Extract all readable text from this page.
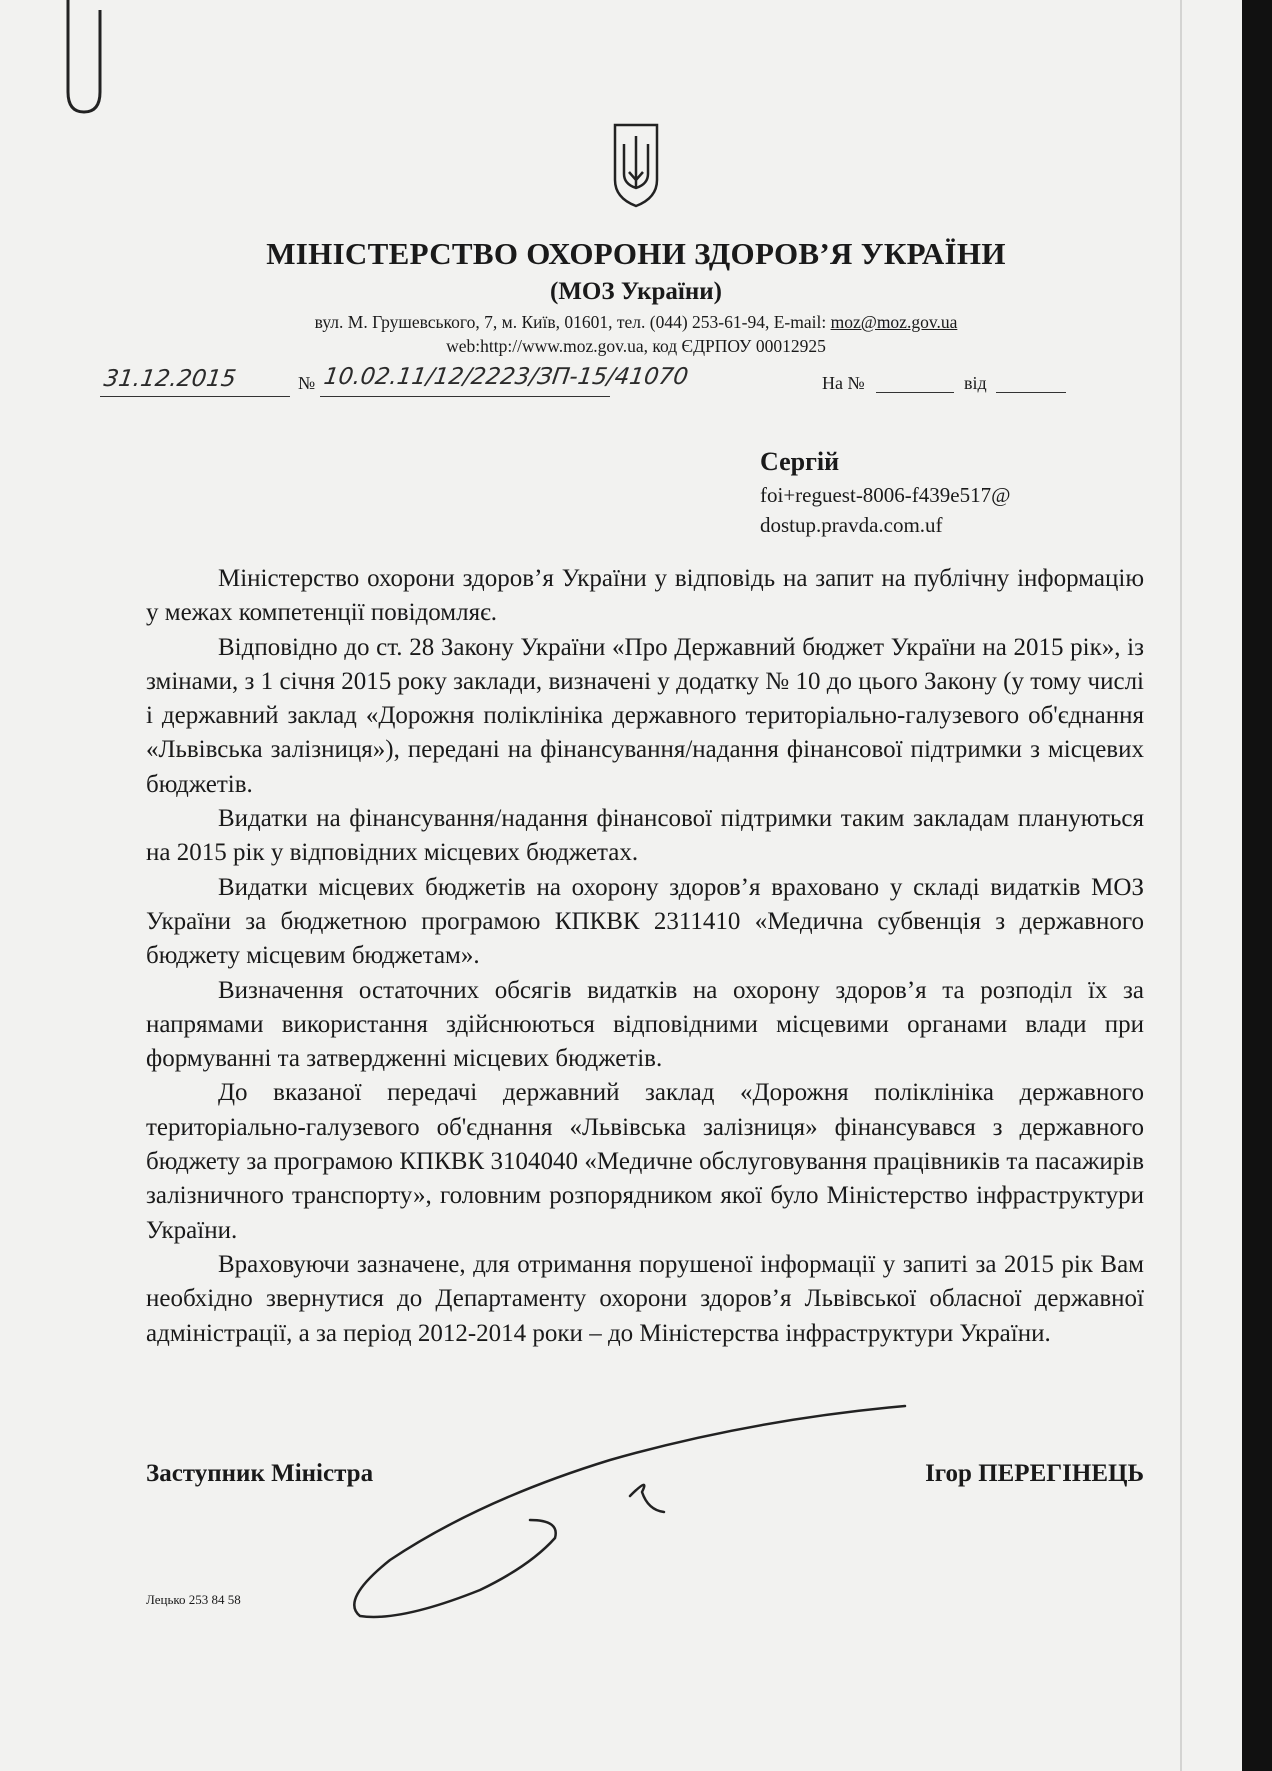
МІНІСТЕРСТВО ОХОРОНИ ЗДОРОВ’Я УКРАЇНИ
(МОЗ України)
вул. М. Грушевського, 7, м. Київ, 01601, тел. (044) 253-61-94, E-mail: moz@moz.gov.ua
web:http://www.moz.gov.ua, код ЄДРПОУ 00012925
31.12.2015	№ 10.02.11/12/2223/ЗП-15/41070	На №	від
Сергій
foi+reguest-8006-f439e517@
dostup.pravda.com.uf

Міністерство охорони здоров’я України у відповідь на запит на публічну інформацію у межах компетенції повідомляє.

Відповідно до ст. 28 Закону України «Про Державний бюджет України на 2015 рік», із змінами, з 1 січня 2015 року заклади, визначені у додатку № 10 до цього Закону (у тому числі і державний заклад «Дорожня поліклініка державного територіально-галузевого об'єднання «Львівська залізниця»), передані на фінансування/надання фінансової підтримки з місцевих бюджетів.

Видатки на фінансування/надання фінансової підтримки таким закладам плануються на 2015 рік у відповідних місцевих бюджетах.

Видатки місцевих бюджетів на охорону здоров’я враховано у складі видатків МОЗ України за бюджетною програмою КПКВК 2311410 «Медична субвенція з державного бюджету місцевим бюджетам».

Визначення остаточних обсягів видатків на охорону здоров’я та розподіл їх за напрямами використання здійснюються відповідними місцевими органами влади при формуванні та затвердженні місцевих бюджетів.

До вказаної передачі державний заклад «Дорожня поліклініка державного територіально-галузевого об'єднання «Львівська залізниця» фінансувався з державного бюджету за програмою КПКВК 3104040 «Медичне обслуговування працівників та пасажирів залізничного транспорту», головним розпорядником якої було Міністерство інфраструктури України.

Враховуючи зазначене, для отримання порушеної інформації у запиті за 2015 рік Вам необхідно звернутися до Департаменту охорони здоров’я Львівської обласної державної адміністрації, а за період 2012-2014 роки – до Міністерства інфраструктури України.

Заступник Міністра	Ігор ПЕРЕГІНЕЦЬ
Лецько 253 84 58
